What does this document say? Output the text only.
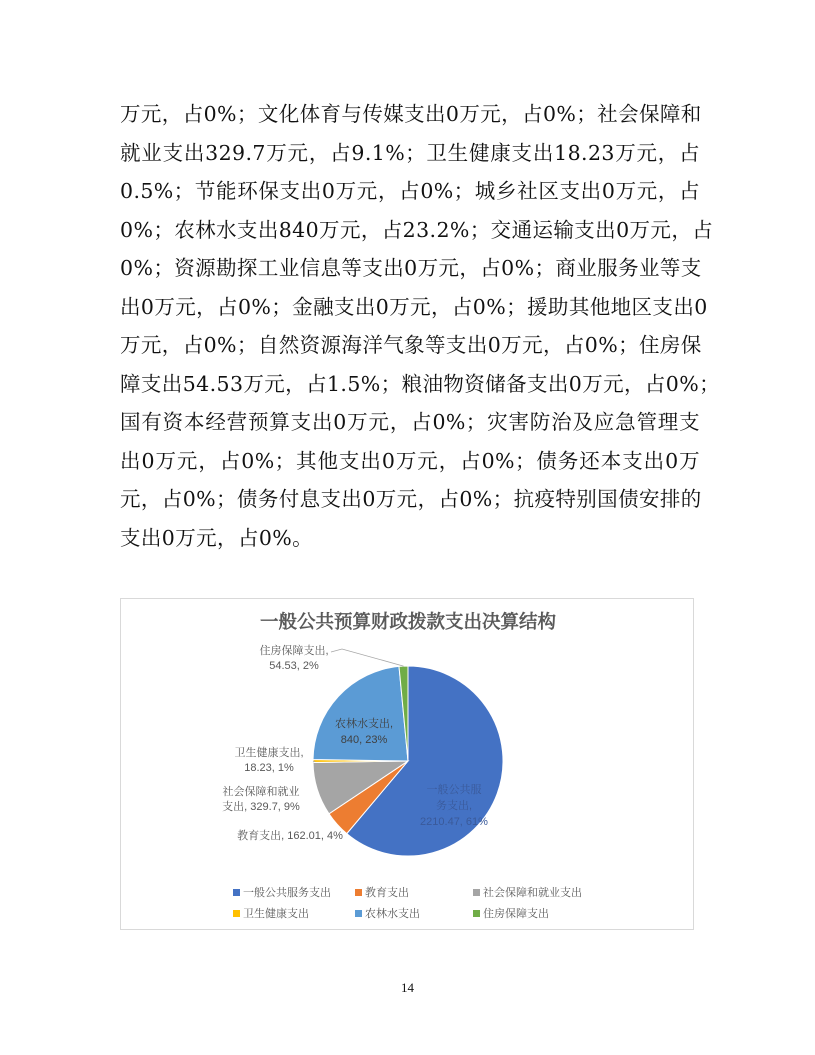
万元，占0%；文化体育与传媒支出0万元，占0%；社会保障和
就业支出329.7万元，占9.1%；卫生健康支出18.23万元，占
0.5%；节能环保支出0万元，占0%；城乡社区支出0万元，占
0%；农林水支出840万元，占23.2%；交通运输支出0万元，占
0%；资源勘探工业信息等支出0万元，占0%；商业服务业等支
出0万元，占0%；金融支出0万元，占0%；援助其他地区支出0
万元，占0%；自然资源海洋气象等支出0万元，占0%；住房保
障支出54.53万元，占1.5%；粮油物资储备支出0万元，占0%；
国有资本经营预算支出0万元，占0%；灾害防治及应急管理支
出0万元，占0%；其他支出0万元，占0%；债务还本支出0万
元，占0%；债务付息支出0万元，占0%；抗疫特别国债安排的
支出0万元，占0%。
一般公共预算财政拨款支出决算结构
一般公共服
务支出,
2210.47, 61%
教育支出, 162.01, 4%
社会保障和就业
支出, 329.7, 9%
卫生健康支出,
18.23, 1%
农林水支出,
840, 23%
住房保障支出,
54.53, 2%
一般公共服务支出	教育支出	社会保障和就业支出
卫生健康支出	农林水支出	住房保障支出
14
